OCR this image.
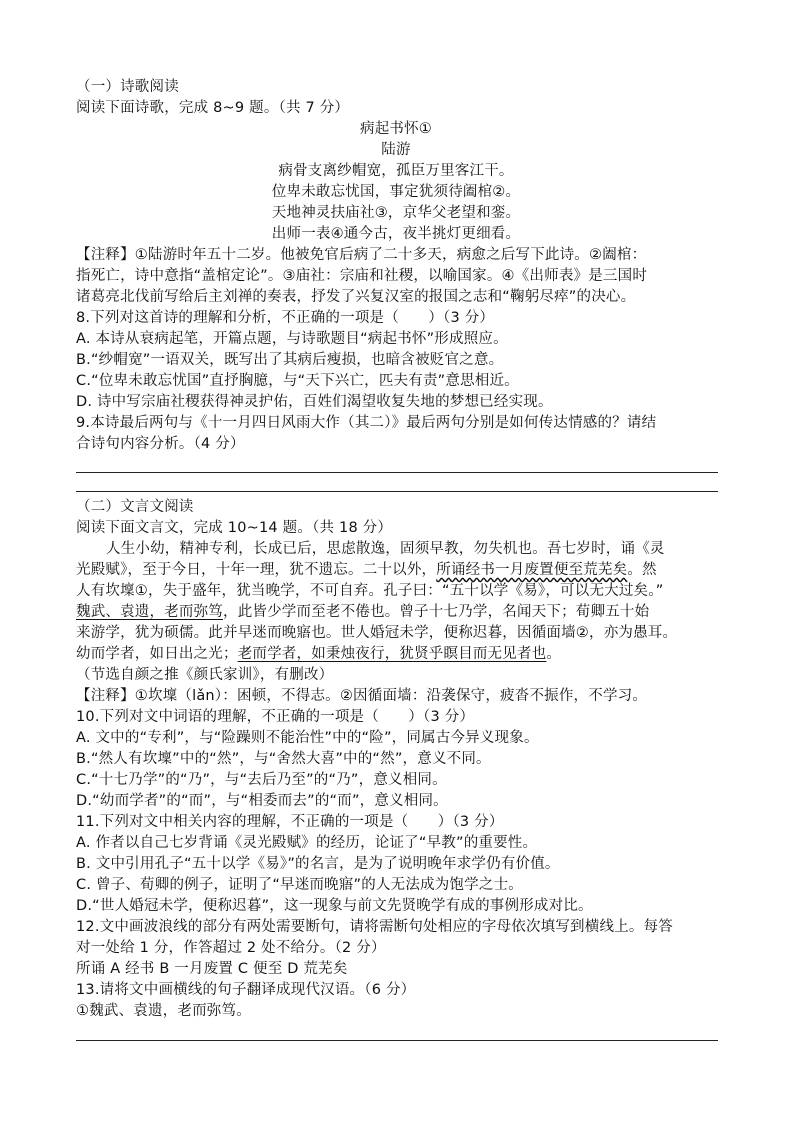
（一）诗歌阅读
阅读下面诗歌，完成 8~9 题。（共 7 分）
病起书怀①
陆游
病骨支离纱帽宽，孤臣万里客江干。
位卑未敢忘忧国，事定犹须待阖棺②。
天地神灵扶庙社③，京华父老望和銮。
出师一表④通今古，夜半挑灯更细看。
【注释】①陆游时年五十二岁。他被免官后病了二十多天，病愈之后写下此诗。②阖棺：
指死亡，诗中意指“盖棺定论”。③庙社：宗庙和社稷，以喻国家。④《出师表》是三国时
诸葛亮北伐前写给后主刘禅的奏表，抒发了兴复汉室的报国之志和“鞠躬尽瘁”的决心。
8.下列对这首诗的理解和分析，不正确的一项是（　　）（3 分）
A. 本诗从衰病起笔，开篇点题，与诗歌题目“病起书怀”形成照应。
B.“纱帽宽”一语双关，既写出了其病后瘦损，也暗含被贬官之意。
C.“位卑未敢忘忧国”直抒胸臆，与“天下兴亡，匹夫有责”意思相近。
D. 诗中写宗庙社稷获得神灵护佑，百姓们渴望收复失地的梦想已经实现。
9.本诗最后两句与《十一月四日风雨大作（其二）》最后两句分别是如何传达情感的？请结
合诗句内容分析。（4 分）
（二）文言文阅读
阅读下面文言文，完成 10~14 题。（共 18 分）
人生小幼，精神专利，长成已后，思虑散逸，固须早教，勿失机也。吾七岁时，诵《灵
光殿赋》，至于今日，十年一理，犹不遗忘。二十以外，所诵经书一月废置便至荒芜矣。然
人有坎壈①，失于盛年，犹当晚学，不可自弃。孔子曰：“五十以学《易》，可以无大过矣。”
魏武、袁遗，老而弥笃，此皆少学而至老不倦也。曾子十七乃学，名闻天下；荀卿五十始
来游学，犹为硕儒。此并早迷而晚寤也。世人婚冠未学，便称迟暮，因循面墙②，亦为愚耳。
幼而学者，如日出之光；老而学者，如秉烛夜行，犹贤乎瞑目而无见者也。
（节选自颜之推《颜氏家训》，有删改）
【注释】①坎壈（lǎn）：困顿，不得志。②因循面墙：沿袭保守，疲沓不振作，不学习。
10.下列对文中词语的理解，不正确的一项是（　　）（3 分）
A. 文中的“专利”，与“险躁则不能治性”中的“险”，同属古今异义现象。
B.“然人有坎壈”中的“然”，与“舍然大喜”中的“然”，意义不同。
C.“十七乃学”的“乃”，与“去后乃至”的“乃”，意义相同。
D.“幼而学者”的“而”，与“相委而去”的“而”，意义相同。
11.下列对文中相关内容的理解，不正确的一项是（　　）（3 分）
A. 作者以自己七岁背诵《灵光殿赋》的经历，论证了“早教”的重要性。
B. 文中引用孔子“五十以学《易》”的名言，是为了说明晚年求学仍有价值。
C. 曾子、荀卿的例子，证明了“早迷而晚寤”的人无法成为饱学之士。
D.“世人婚冠未学，便称迟暮”，这一现象与前文先贤晚学有成的事例形成对比。
12.文中画波浪线的部分有两处需要断句，请将需断句处相应的字母依次填写到横线上。每答
对一处给 1 分，作答超过 2 处不给分。（2 分）
所诵 A 经书 B 一月废置 C 便至 D 荒芜矣
13.请将文中画横线的句子翻译成现代汉语。（6 分）
①魏武、袁遗，老而弥笃。
